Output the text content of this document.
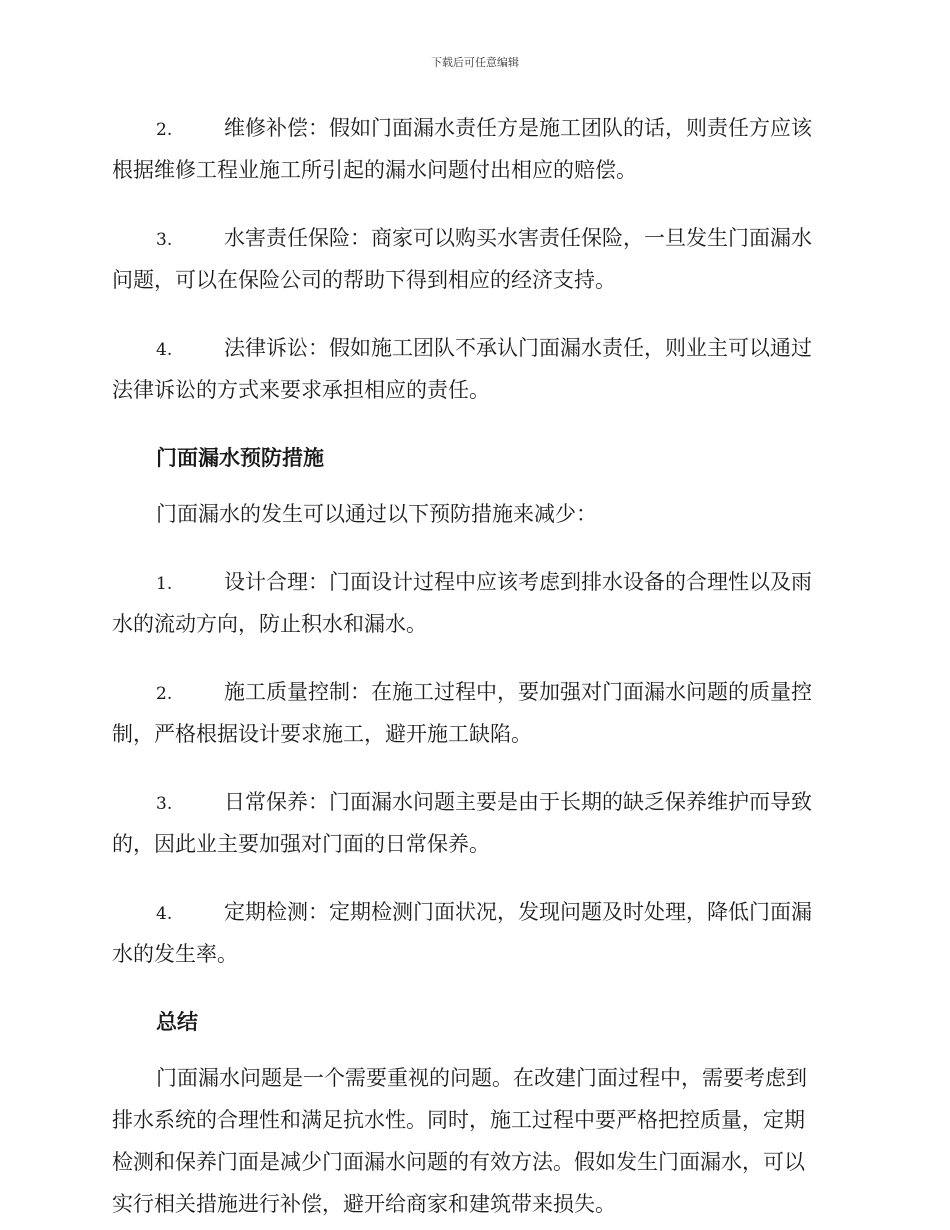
下载后可任意编辑
2. 维修补偿：假如门面漏水责任方是施工团队的话，则责任方应该
根据维修工程业施工所引起的漏水问题付出相应的赔偿。
3. 水害责任保险：商家可以购买水害责任保险，一旦发生门面漏水
问题，可以在保险公司的帮助下得到相应的经济支持。
4. 法律诉讼：假如施工团队不承认门面漏水责任，则业主可以通过
法律诉讼的方式来要求承担相应的责任。
门面漏水预防措施
门面漏水的发生可以通过以下预防措施来减少：
1. 设计合理：门面设计过程中应该考虑到排水设备的合理性以及雨
水的流动方向，防止积水和漏水。
2. 施工质量控制：在施工过程中，要加强对门面漏水问题的质量控
制，严格根据设计要求施工，避开施工缺陷。
3. 日常保养：门面漏水问题主要是由于长期的缺乏保养维护而导致
的，因此业主要加强对门面的日常保养。
4. 定期检测：定期检测门面状况，发现问题及时处理，降低门面漏
水的发生率。
总结
门面漏水问题是一个需要重视的问题。在改建门面过程中，需要考虑到
排水系统的合理性和满足抗水性。同时，施工过程中要严格把控质量，定期
检测和保养门面是减少门面漏水问题的有效方法。假如发生门面漏水，可以
实行相关措施进行补偿，避开给商家和建筑带来损失。
